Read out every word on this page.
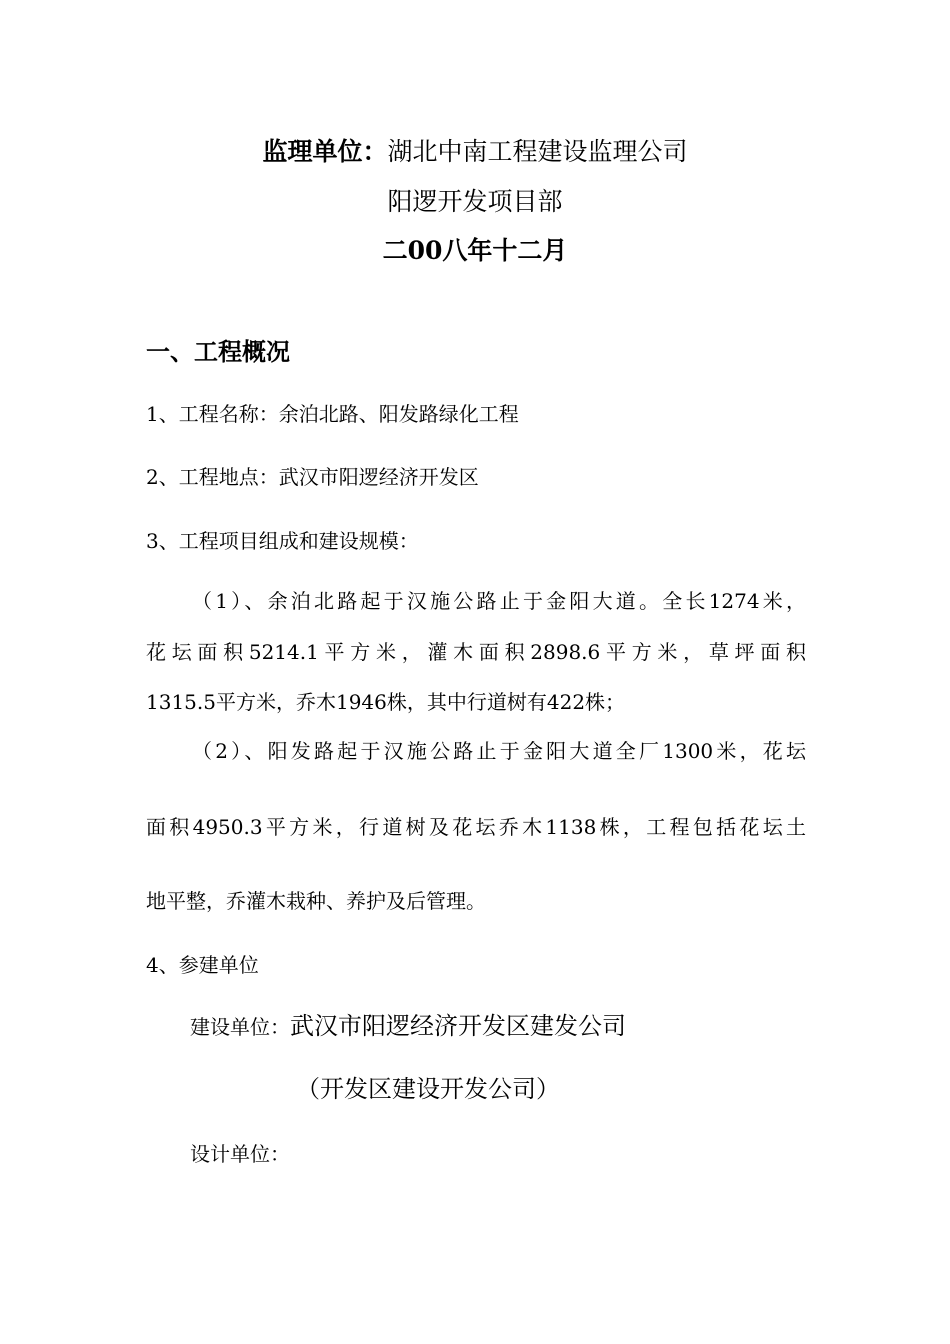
监理单位：湖北中南工程建设监理公司
阳逻开发项目部
二00八年十二月
一、工程概况
1、工程名称：余泊北路、阳发路绿化工程
2、工程地点：武汉市阳逻经济开发区
3、工程项目组成和建设规模：
（1）、余泊北路起于汉施公路止于金阳大道。全长1274米，
花坛面积5214.1平方米，灌木面积2898.6平方米，草坪面积
1315.5平方米，乔木1946株，其中行道树有422株；
（2）、阳发路起于汉施公路止于金阳大道全厂1300米，花坛
面积4950.3平方米，行道树及花坛乔木1138株，工程包括花坛土
地平整，乔灌木栽种、养护及后管理。
4、参建单位
建设单位：武汉市阳逻经济开发区建发公司
（开发区建设开发公司）
设计单位：
